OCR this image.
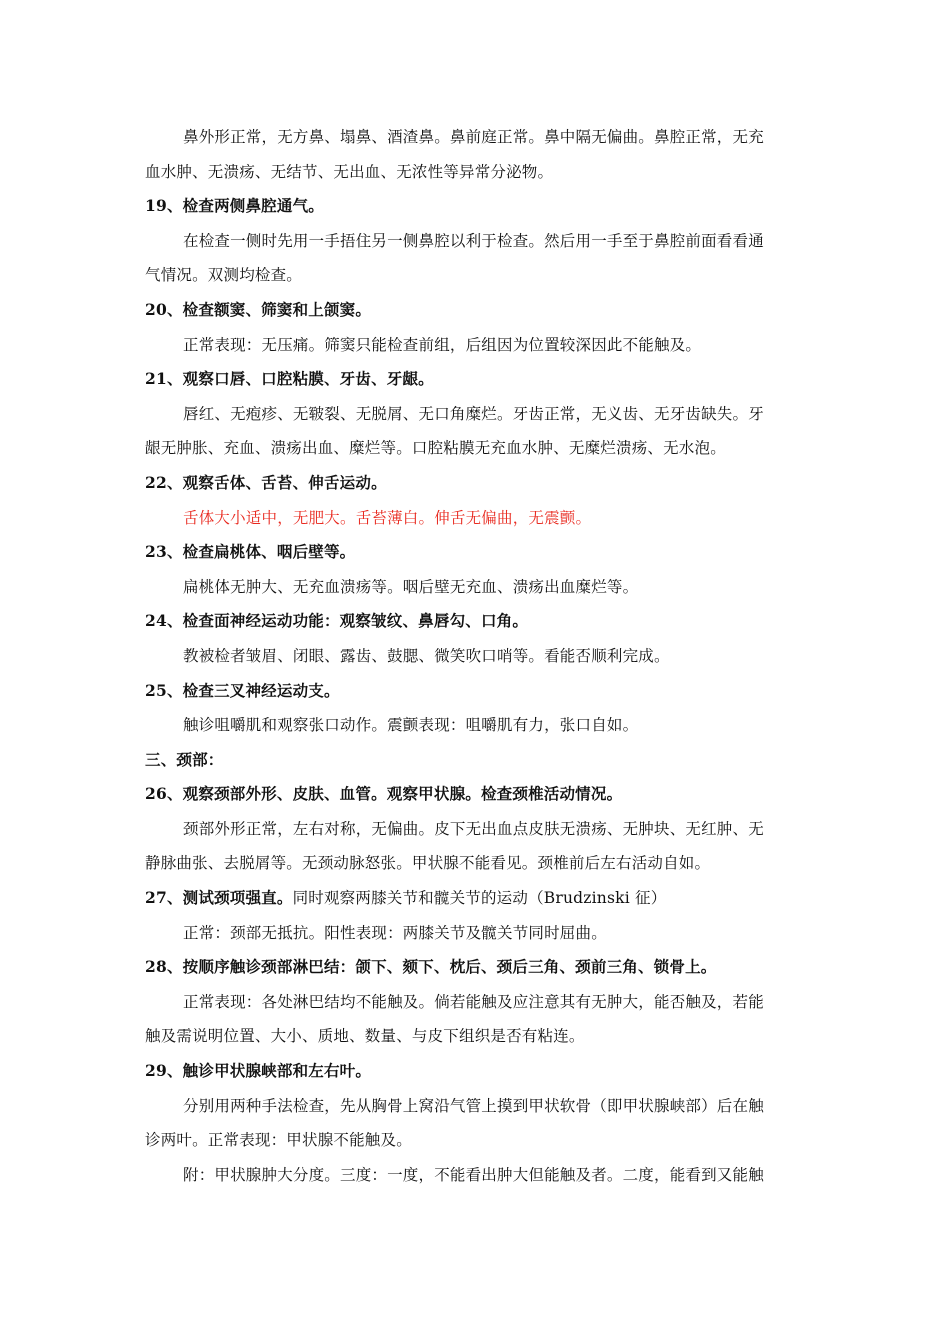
鼻外形正常，无方鼻、塌鼻、酒渣鼻。鼻前庭正常。鼻中隔无偏曲。鼻腔正常，无充
血水肿、无溃疡、无结节、无出血、无浓性等异常分泌物。
19、检查两侧鼻腔通气。
在检查一侧时先用一手捂住另一侧鼻腔以利于检查。然后用一手至于鼻腔前面看看通
气情况。双测均检查。
20、检查额窦、筛窦和上颌窦。
正常表现：无压痛。筛窦只能检查前组，后组因为位置较深因此不能触及。
21、观察口唇、口腔粘膜、牙齿、牙龈。
唇红、无疱疹、无皲裂、无脱屑、无口角糜烂。牙齿正常，无义齿、无牙齿缺失。牙
龈无肿胀、充血、溃疡出血、糜烂等。口腔粘膜无充血水肿、无糜烂溃疡、无水泡。
22、观察舌体、舌苔、伸舌运动。
舌体大小适中，无肥大。舌苔薄白。伸舌无偏曲，无震颤。
23、检查扁桃体、咽后壁等。
扁桃体无肿大、无充血溃疡等。咽后壁无充血、溃疡出血糜烂等。
24、检查面神经运动功能：观察皱纹、鼻唇勾、口角。
教被检者皱眉、闭眼、露齿、鼓腮、微笑吹口哨等。看能否顺利完成。
25、检查三叉神经运动支。
触诊咀嚼肌和观察张口动作。震颤表现：咀嚼肌有力，张口自如。
三、颈部：
26、观察颈部外形、皮肤、血管。观察甲状腺。检查颈椎活动情况。
颈部外形正常，左右对称，无偏曲。皮下无出血点皮肤无溃疡、无肿块、无红肿、无
静脉曲张、去脱屑等。无颈动脉怒张。甲状腺不能看见。颈椎前后左右活动自如。
27、测试颈项强直。同时观察两膝关节和髋关节的运动（Brudzinski 征）
正常：颈部无抵抗。阳性表现：两膝关节及髋关节同时屈曲。
28、按顺序触诊颈部淋巴结：颌下、颏下、枕后、颈后三角、颈前三角、锁骨上。
正常表现：各处淋巴结均不能触及。倘若能触及应注意其有无肿大，能否触及，若能
触及需说明位置、大小、质地、数量、与皮下组织是否有粘连。
29、触诊甲状腺峡部和左右叶。
分别用两种手法检查，先从胸骨上窝沿气管上摸到甲状软骨（即甲状腺峡部）后在触
诊两叶。正常表现：甲状腺不能触及。
附：甲状腺肿大分度。三度：一度，不能看出肿大但能触及者。二度，能看到又能触
